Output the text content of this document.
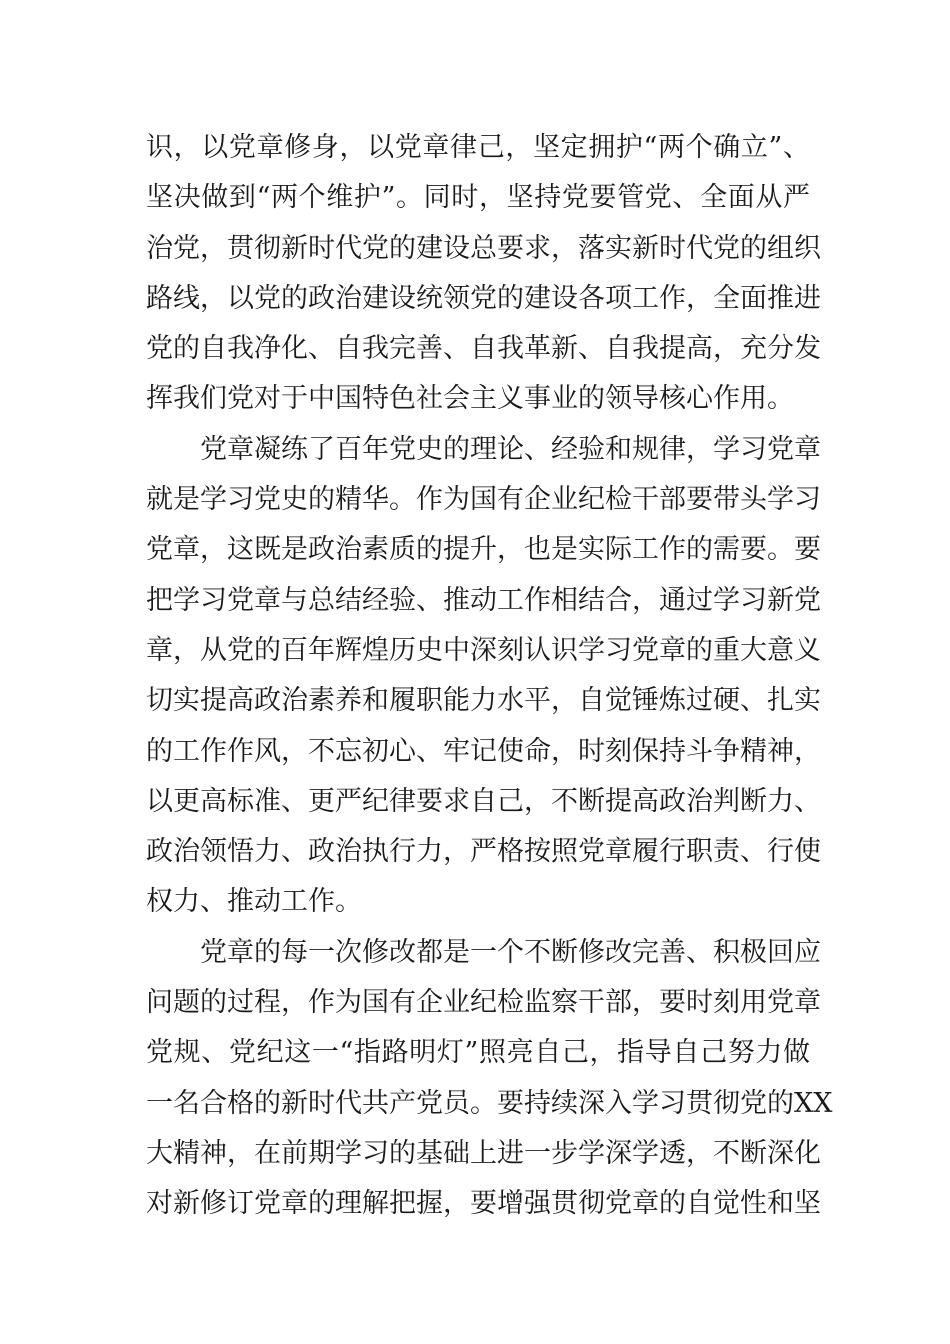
识，以党章修身，以党章律己，坚定拥护“两个确立”、
坚决做到“两个维护”。同时，坚持党要管党、全面从严
治党，贯彻新时代党的建设总要求，落实新时代党的组织
路线，以党的政治建设统领党的建设各项工作，全面推进
党的自我净化、自我完善、自我革新、自我提高，充分发
挥我们党对于中国特色社会主义事业的领导核心作用。
党章凝练了百年党史的理论、经验和规律，学习党章
就是学习党史的精华。作为国有企业纪检干部要带头学习
党章，这既是政治素质的提升，也是实际工作的需要。要
把学习党章与总结经验、推动工作相结合，通过学习新党
章，从党的百年辉煌历史中深刻认识学习党章的重大意义
切实提高政治素养和履职能力水平，自觉锤炼过硬、扎实
的工作作风，不忘初心、牢记使命，时刻保持斗争精神，
以更高标准、更严纪律要求自己，不断提高政治判断力、
政治领悟力、政治执行力，严格按照党章履行职责、行使
权力、推动工作。
党章的每一次修改都是一个不断修改完善、积极回应
问题的过程，作为国有企业纪检监察干部，要时刻用党章
党规、党纪这一“指路明灯”照亮自己，指导自己努力做
一名合格的新时代共产党员。要持续深入学习贯彻党的XX
大精神，在前期学习的基础上进一步学深学透，不断深化
对新修订党章的理解把握，要增强贯彻党章的自觉性和坚
